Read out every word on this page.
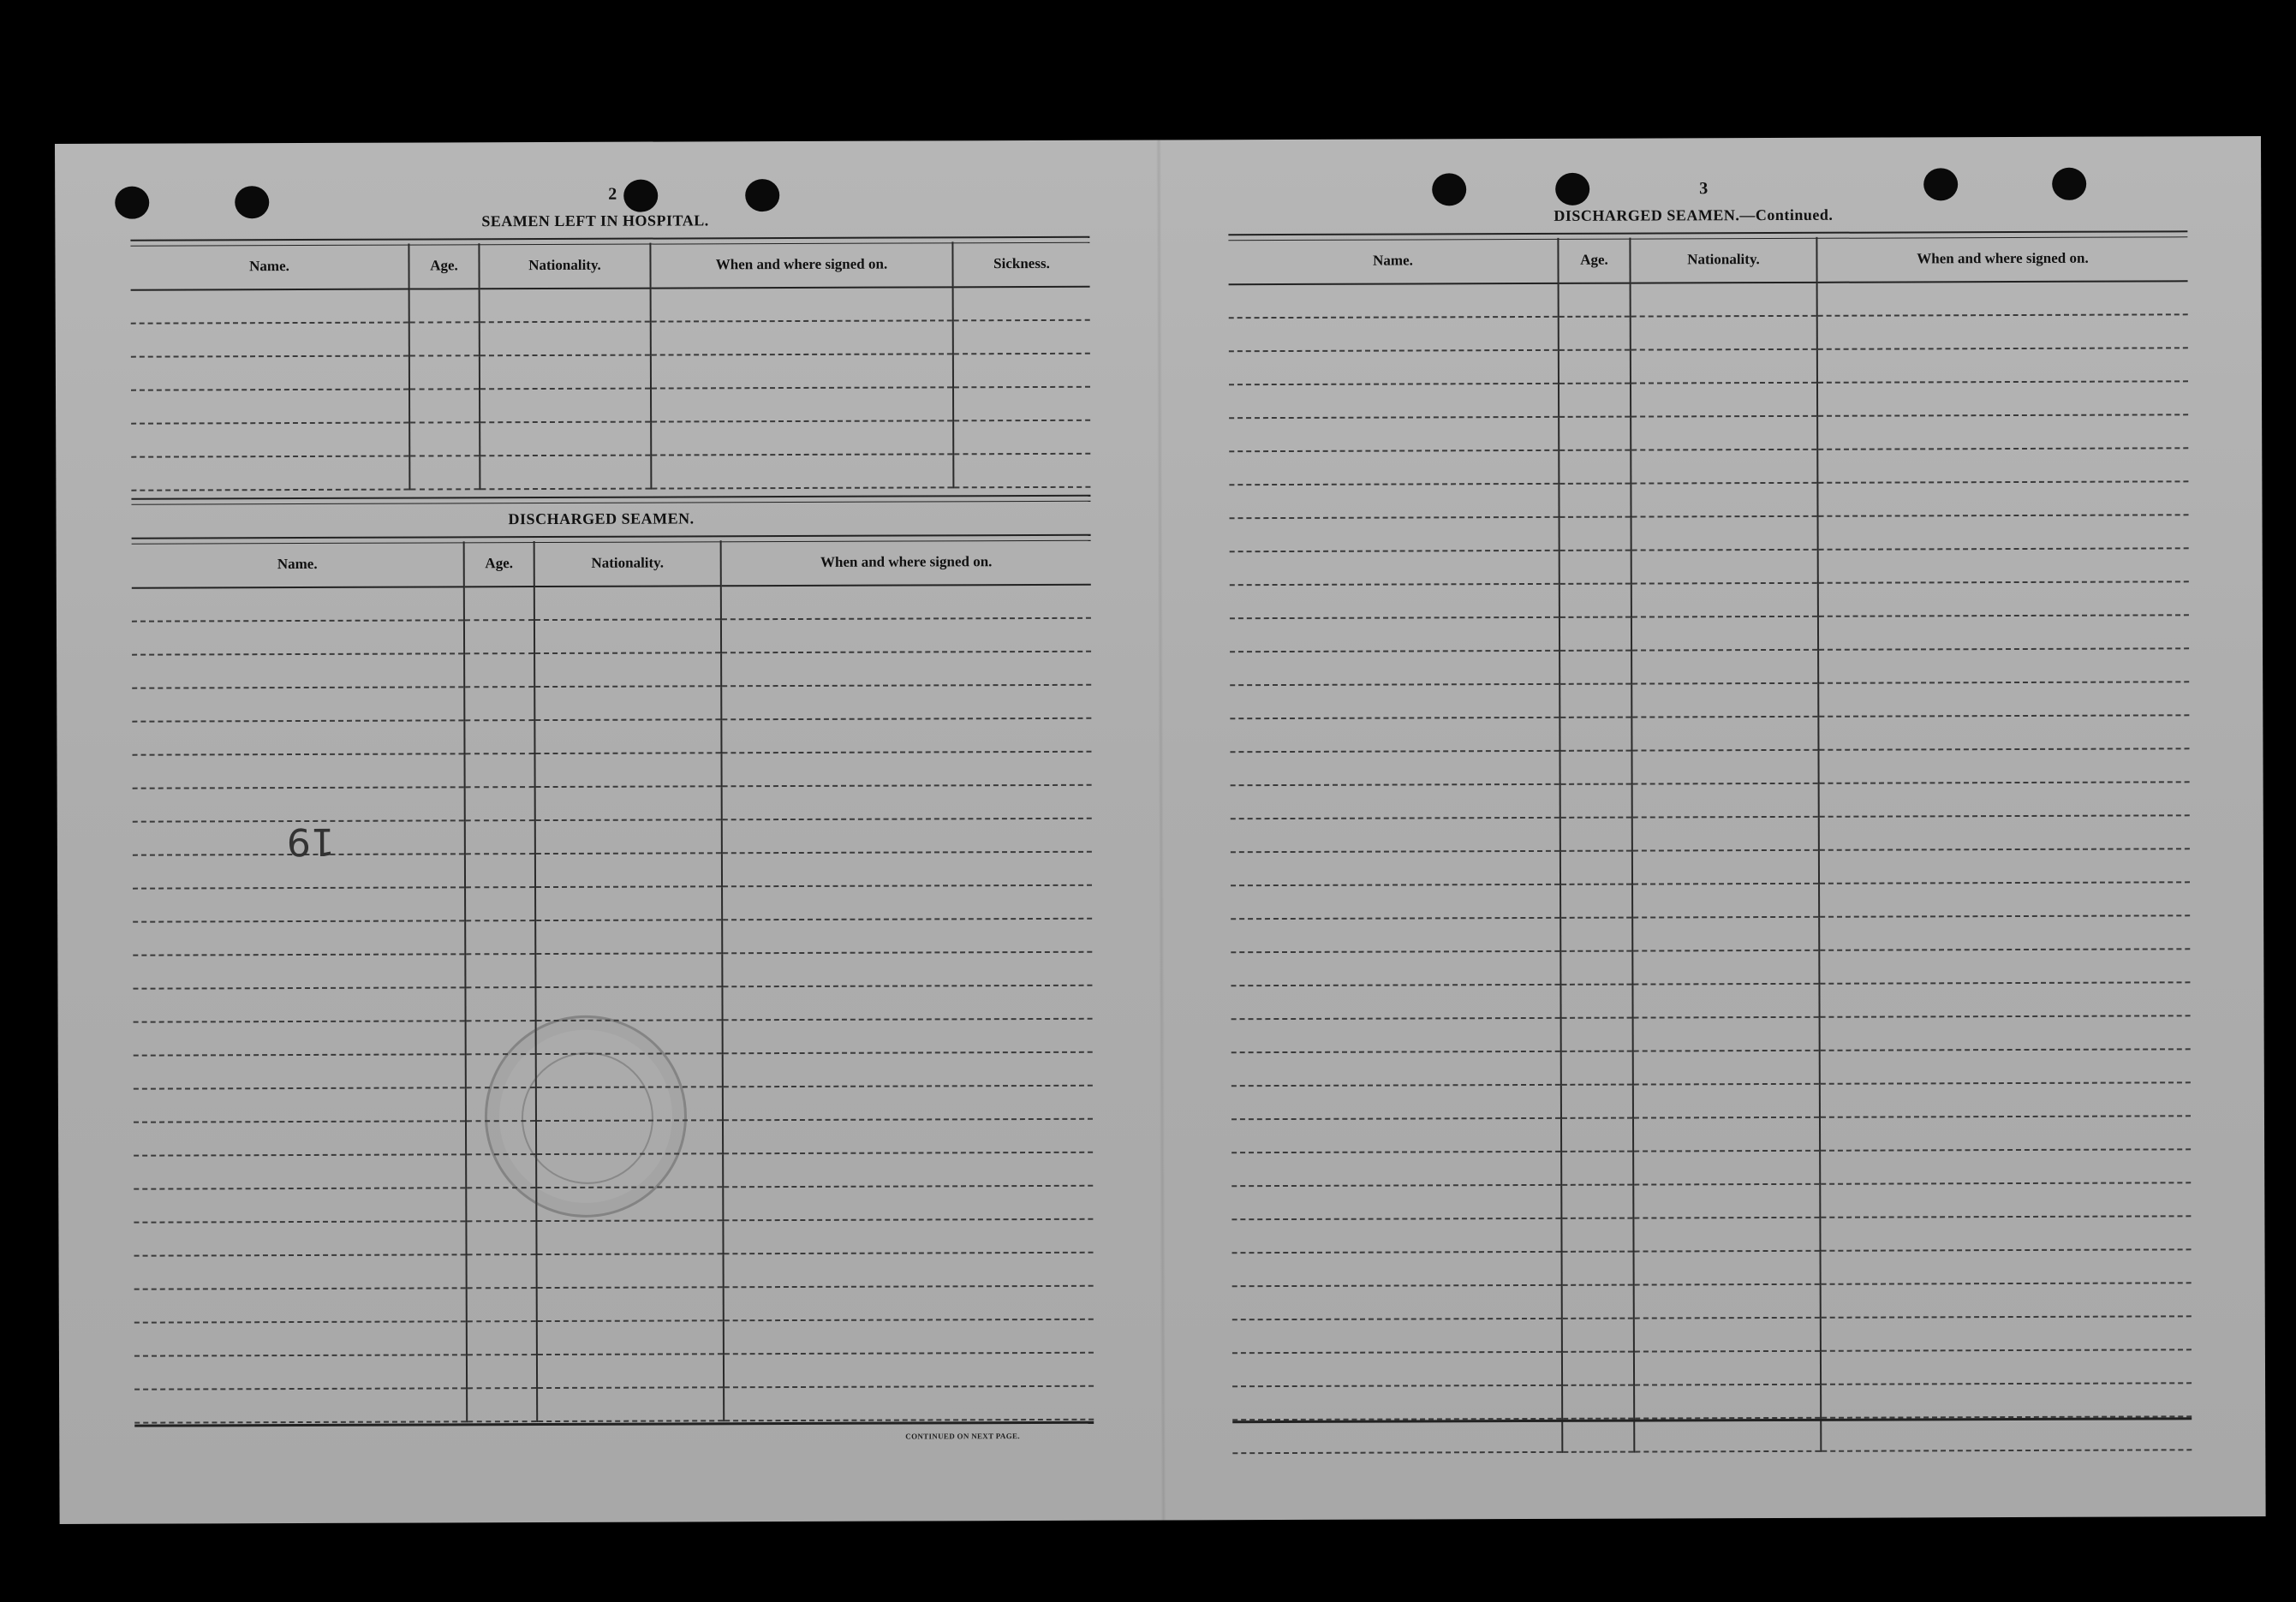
2
SEAMEN LEFT IN HOSPITAL.
Name.	Age.	Nationality.	When and where signed on.	Sickness.

DISCHARGED SEAMEN.
Name.	Age.	Nationality.	When and where signed on.

CONTINUED ON NEXT PAGE.
19
3
DISCHARGED SEAMEN.—Continued.
Name.	Age.	Nationality.	When and where signed on.
